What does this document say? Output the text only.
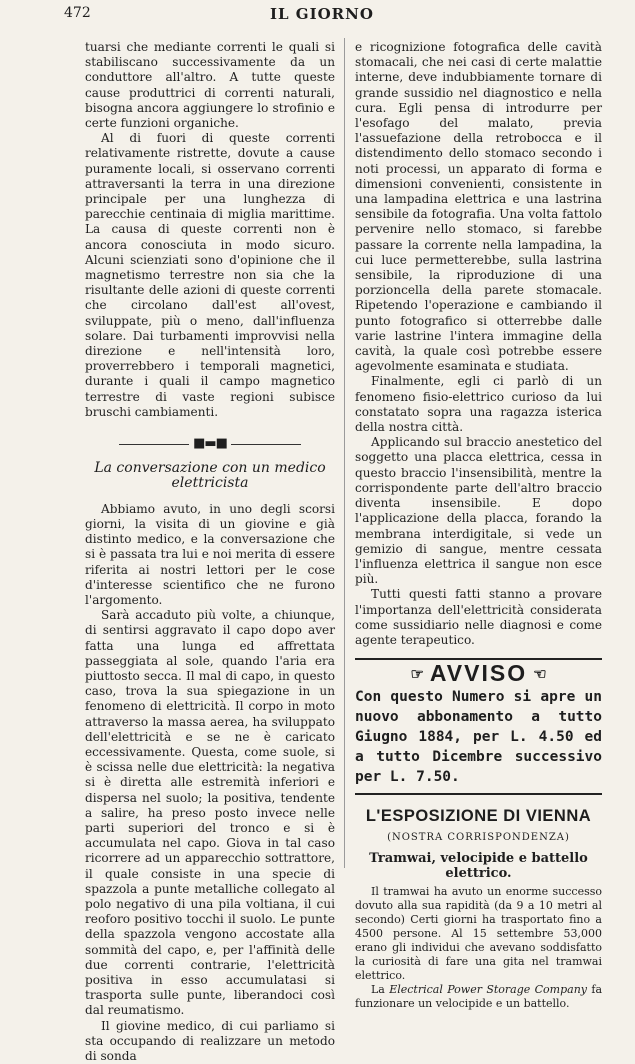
472	IL GIORNO

tuarsi che mediante correnti le quali si stabiliscano successivamente da un conduttore all'altro. A tutte queste cause produttrici di correnti naturali, bisogna ancora aggiungere lo strofinio e certe funzioni organiche.

Al di fuori di queste correnti relativamente ristrette, dovute a cause puramente locali, si osservano correnti attraversanti la terra in una direzione principale per una lunghezza di parecchie centinaia di miglia marittime. La causa di queste correnti non è ancora conosciuta in modo sicuro. Alcuni scienziati sono d'opinione che il magnetismo terrestre non sia che la risultante delle azioni di queste correnti che circolano dall'est all'ovest, sviluppate, più o meno, dall'influenza solare. Dai turbamenti improvvisi nella direzione e nell'intensità loro, proverrebbero i temporali magnetici, durante i quali il campo magnetico terrestre di vaste regioni subisce bruschi cambiamenti.

■▬■
La conversazione con un medico elettricista

Abbiamo avuto, in uno degli scorsi giorni, la visita di un giovine e già distinto medico, e la conversazione che si è passata tra lui e noi merita di essere riferita ai nostri lettori per le cose d'interesse scientifico che ne furono l'argomento.

Sarà accaduto più volte, a chiunque, di sentirsi aggravato il capo dopo aver fatta una lunga ed affrettata passeggiata al sole, quando l'aria era piuttosto secca. Il mal di capo, in questo caso, trova la sua spiegazione in un fenomeno di elettricità. Il corpo in moto attraverso la massa aerea, ha sviluppato dell'elettricità e se ne è caricato eccessivamente. Questa, come suole, si è scissa nelle due elettricità: la negativa si è diretta alle estremità inferiori e dispersa nel suolo; la positiva, tendente a salire, ha preso posto invece nelle parti superiori del tronco e si è accumulata nel capo. Giova in tal caso ricorrere ad un apparecchio sottrattore, il quale consiste in una specie di spazzola a punte metalliche collegato al polo negativo di una pila voltiana, il cui reoforo positivo tocchi il suolo. Le punte della spazzola vengono accostate alla sommità del capo, e, per l'affinità delle due correnti contrarie, l'elettricità positiva in esso accumulatasi si trasporta sulle punte, liberandoci così dal reumatismo.

Il giovine medico, di cui parliamo si sta occupando di realizzare un metodo di sonda

e ricognizione fotografica delle cavità stomacali, che nei casi di certe malattie interne, deve indubbiamente tornare di grande sussidio nel diagnostico e nella cura. Egli pensa di introdurre per l'esofago del malato, previa l'assuefazione della retrobocca e il distendimento dello stomaco secondo i noti processi, un apparato di forma e dimensioni convenienti, consistente in una lampadina elettrica e una lastrina sensibile da fotografia. Una volta fattolo pervenire nello stomaco, si farebbe passare la corrente nella lampadina, la cui luce permetterebbe, sulla lastrina sensibile, la riproduzione di una porzioncella della parete stomacale. Ripetendo l'operazione e cambiando il punto fotografico si otterrebbe dalle varie lastrine l'intera immagine della cavità, la quale così potrebbe essere agevolmente esaminata e studiata.

Finalmente, egli ci parlò di un fenomeno fisio-elettrico curioso da lui constatato sopra una ragazza isterica della nostra città.

Applicando sul braccio anestetico del soggetto una placca elettrica, cessa in questo braccio l'insensibilità, mentre la corrispondente parte dell'altro braccio diventa insensibile. E dopo l'applicazione della placca, forando la membrana interdigitale, si vede un gemizio di sangue, mentre cessata l'influenza elettrica il sangue non esce più.

Tutti questi fatti stanno a provare l'importanza dell'elettricità considerata come sussidiario nelle diagnosi e come agente terapeutico.

☞ AVVISO ☜
Con questo Numero si apre un nuovo abbonamento a tutto Giugno 1884, per L. 4.50 ed a tutto Dicembre successivo per L. 7.50.
L'ESPOSIZIONE DI VIENNA
(NOSTRA CORRISPONDENZA)
Tramwai, velocipide e battello elettrico.

Il tramwai ha avuto un enorme successo dovuto alla sua rapidità (da 9 a 10 metri al secondo) Certi giorni ha trasportato fino a 4500 persone. Al 15 settembre 53,000 erano gli individui che avevano soddisfatto la curiosità di fare una gita nel tramwai elettrico.

La Electrical Power Storage Company fa funzionare un velocipide e un battello.
